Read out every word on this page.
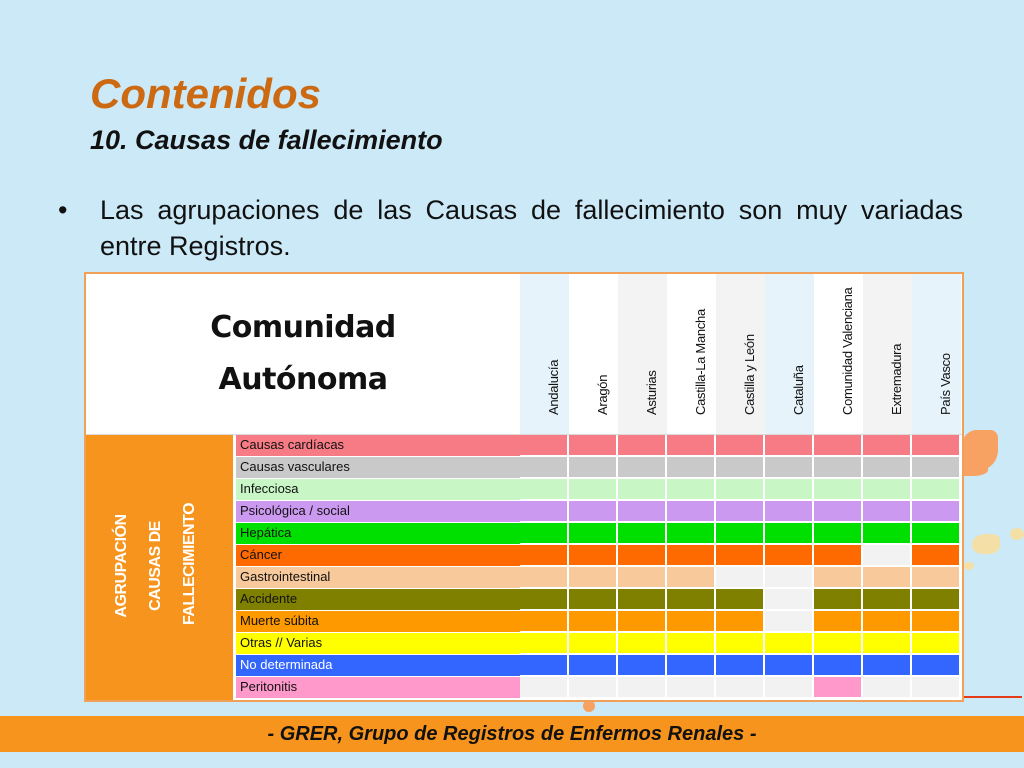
Contenidos
10. Causas de fallecimiento
•	Las agrupaciones de las Causas de fallecimiento son muy variadas entre Registros.
Comunidad
Autónoma
AGRUPACIÓN CAUSAS DE FALLECIMIENTO
Andalucía	Aragón	Asturias	Castilla-La Mancha	Castilla y León	Cataluña	Comunidad Valenciana	Extremadura	País Vasco
Causas cardíacas
Causas vasculares
Infecciosa
Psicológica / social
Hepática
Cáncer
Gastrointestinal
Accidente
Muerte súbita
Otras // Varias
No determinada
Peritonitis
- GRER, Grupo de Registros de Enfermos Renales -
